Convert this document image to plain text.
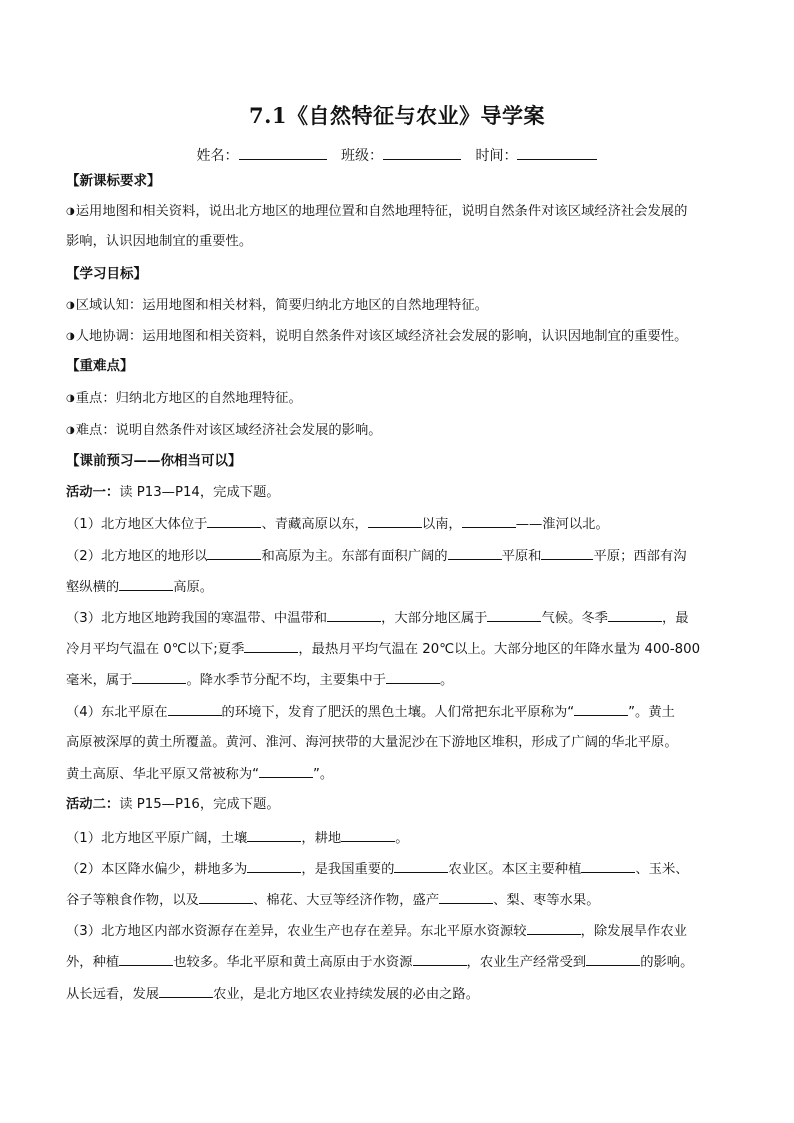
7.1《自然特征与农业》导学案
姓名：	班级：	时间：
【新课标要求】
◑运用地图和相关资料，说出北方地区的地理位置和自然地理特征，说明自然条件对该区域经济社会发展的
影响，认识因地制宜的重要性。
【学习目标】
◑区域认知：运用地图和相关材料，简要归纳北方地区的自然地理特征。
◑人地协调：运用地图和相关资料，说明自然条件对该区域经济社会发展的影响，认识因地制宜的重要性。
【重难点】
◑重点：归纳北方地区的自然地理特征。
◑难点：说明自然条件对该区域经济社会发展的影响。
【课前预习——你相当可以】
活动一：读 P13—P14，完成下题。
（1）北方地区大体位于	、青藏高原以东，	以南，	——淮河以北。
（2）北方地区的地形以	和高原为主。东部有面积广阔的	平原和	平原；西部有沟
壑纵横的	高原。
（3）北方地区地跨我国的寒温带、中温带和	，大部分地区属于	气候。冬季	，最
冷月平均气温在 0℃以下;夏季	，最热月平均气温在 20℃以上。大部分地区的年降水量为 400-800
毫米，属于	。降水季节分配不均，主要集中于	。
（4）东北平原在	的环境下，发育了肥沃的黑色土壤。人们常把东北平原称为“	”。黄土
高原被深厚的黄土所覆盖。黄河、淮河、海河挟带的大量泥沙在下游地区堆积，形成了广阔的华北平原。
黄土高原、华北平原又常被称为“	”。
活动二：读 P15—P16，完成下题。
（1）北方地区平原广阔，土壤	，耕地	。
（2）本区降水偏少，耕地多为	，是我国重要的	农业区。本区主要种植	、玉米、
谷子等粮食作物，以及	、棉花、大豆等经济作物，盛产	、梨、枣等水果。
（3）北方地区内部水资源存在差异，农业生产也存在差异。东北平原水资源较	，除发展旱作农业
外，种植	也较多。华北平原和黄土高原由于水资源	，农业生产经常受到	的影响。
从长远看，发展	农业，是北方地区农业持续发展的必由之路。
